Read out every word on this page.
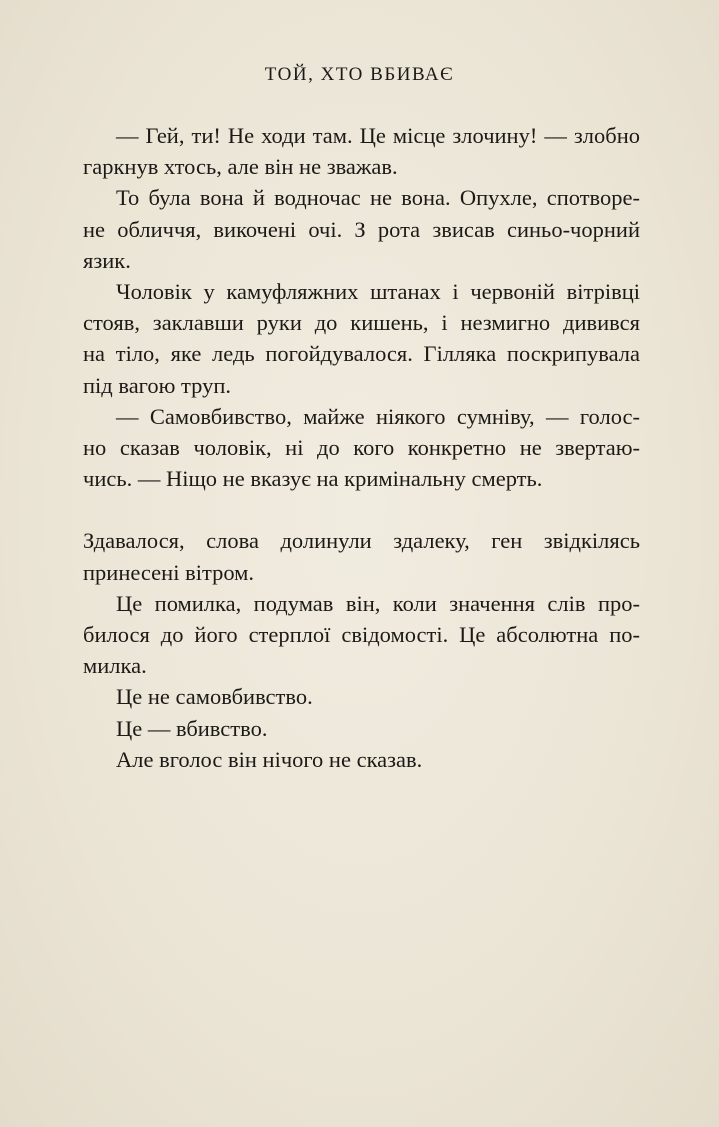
ТОЙ, ХТО ВБИВАЄ
— Гей, ти! Не ходи там. Це місце злочину! — злобно
гаркнув хтось, але він не зважав.
То була вона й водночас не вона. Опухле, спотворе-
не обличчя, викочені очі. З рота звисав синьо-чорний
язик.
Чоловік у камуфляжних штанах і червоній вітрівці
стояв, заклавши руки до кишень, і незмигно дивився
на тіло, яке ледь погойдувалося. Гілляка поскрипувала
під вагою труп.
— Самовбивство, майже ніякого сумніву, — голос-
но сказав чоловік, ні до кого конкретно не звертаю-
чись. — Ніщо не вказує на кримінальну смерть.
Здавалося, слова долинули здалеку, ген звідкілясь
принесені вітром.
Це помилка, подумав він, коли значення слів про-
билося до його стерплої свідомості. Це абсолютна по-
милка.
Це не самовбивство.
Це — вбивство.
Але вголос він нічого не сказав.
